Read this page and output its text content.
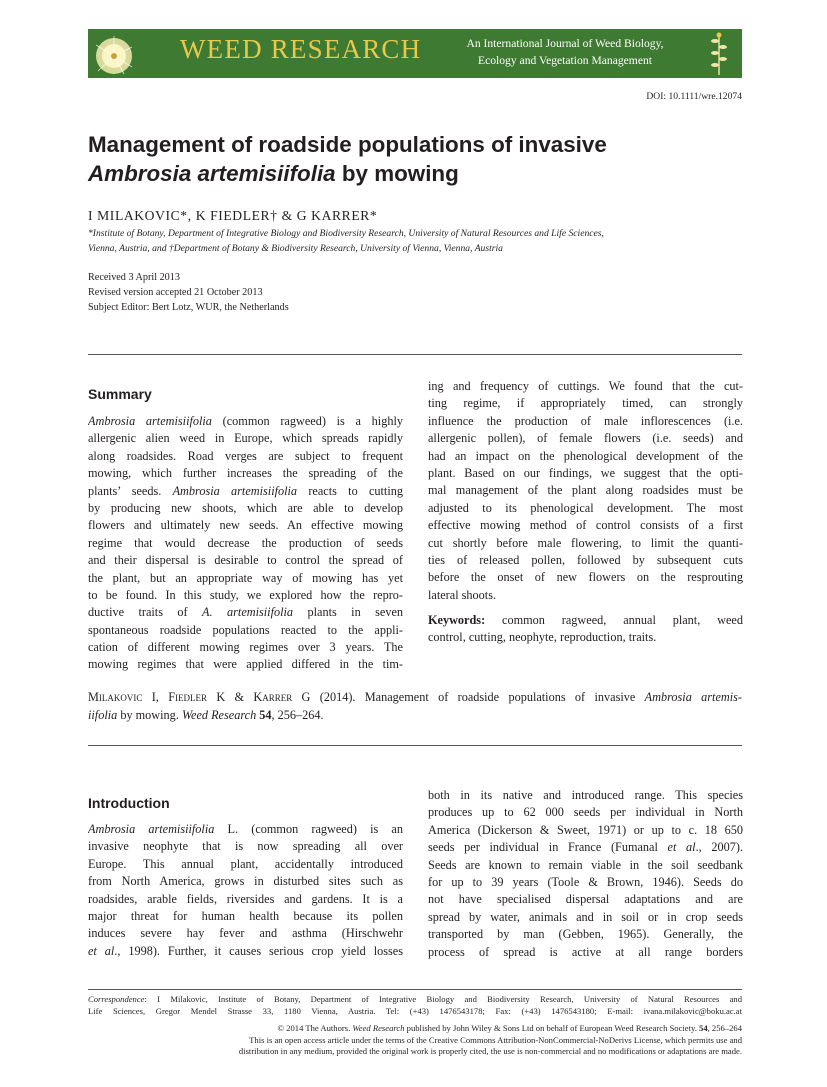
WEED RESEARCH	An International Journal of Weed Biology,
Ecology and Vegetation Management
DOI: 10.1111/wre.12074
Management of roadside populations of invasive
Ambrosia artemisiifolia by mowing
I MILAKOVIC*, K FIEDLER† & G KARRER*
*Institute of Botany, Department of Integrative Biology and Biodiversity Research, University of Natural Resources and Life Sciences,
Vienna, Austria, and †Department of Botany & Biodiversity Research, University of Vienna, Vienna, Austria
Received 3 April 2013
Revised version accepted 21 October 2013
Subject Editor: Bert Lotz, WUR, the Netherlands
Summary
Ambrosia artemisiifolia (common ragweed) is a highly
allergenic alien weed in Europe, which spreads rapidly
along roadsides. Road verges are subject to frequent
mowing, which further increases the spreading of the
plants’ seeds. Ambrosia artemisiifolia reacts to cutting
by producing new shoots, which are able to develop
flowers and ultimately new seeds. An effective mowing
regime that would decrease the production of seeds
and their dispersal is desirable to control the spread of
the plant, but an appropriate way of mowing has yet
to be found. In this study, we explored how the repro-
ductive traits of A. artemisiifolia plants in seven
spontaneous roadside populations reacted to the appli-
cation of different mowing regimes over 3 years. The
mowing regimes that were applied differed in the tim-
ing and frequency of cuttings. We found that the cut-
ting regime, if appropriately timed, can strongly
influence the production of male inflorescences (i.e.
allergenic pollen), of female flowers (i.e. seeds) and
had an impact on the phenological development of the
plant. Based on our findings, we suggest that the opti-
mal management of the plant along roadsides must be
adjusted to its phenological development. The most
effective mowing method of control consists of a first
cut shortly before male flowering, to limit the quanti-
ties of released pollen, followed by subsequent cuts
before the onset of new flowers on the resprouting
lateral shoots.
Keywords: common ragweed, annual plant, weed
control, cutting, neophyte, reproduction, traits.
Milakovic I, Fiedler K & Karrer G (2014). Management of roadside populations of invasive Ambrosia artemis-
iifolia by mowing. Weed Research 54, 256–264.
Introduction
Ambrosia artemisiifolia L. (common ragweed) is an
invasive neophyte that is now spreading all over
Europe. This annual plant, accidentally introduced
from North America, grows in disturbed sites such as
roadsides, arable fields, riversides and gardens. It is a
major threat for human health because its pollen
induces severe hay fever and asthma (Hirschwehr
et al., 1998). Further, it causes serious crop yield losses
both in its native and introduced range. This species
produces up to 62 000 seeds per individual in North
America (Dickerson & Sweet, 1971) or up to c. 18 650
seeds per individual in France (Fumanal et al., 2007).
Seeds are known to remain viable in the soil seedbank
for up to 39 years (Toole & Brown, 1946). Seeds do
not have specialised dispersal adaptations and are
spread by water, animals and in soil or in crop seeds
transported by man (Gebben, 1965). Generally, the
process of spread is active at all range borders
Correspondence: I Milakovic, Institute of Botany, Department of Integrative Biology and Biodiversity Research, University of Natural Resources and
Life Sciences, Gregor Mendel Strasse 33, 1180 Vienna, Austria. Tel: (+43) 1476543178; Fax: (+43) 1476543180; E-mail: ivana.milakovic@boku.ac.at
© 2014 The Authors. Weed Research published by John Wiley & Sons Ltd on behalf of European Weed Research Society. 54, 256–264
This is an open access article under the terms of the Creative Commons Attribution-NonCommercial-NoDerivs License, which permits use and
distribution in any medium, provided the original work is properly cited, the use is non-commercial and no modifications or adaptations are made.
